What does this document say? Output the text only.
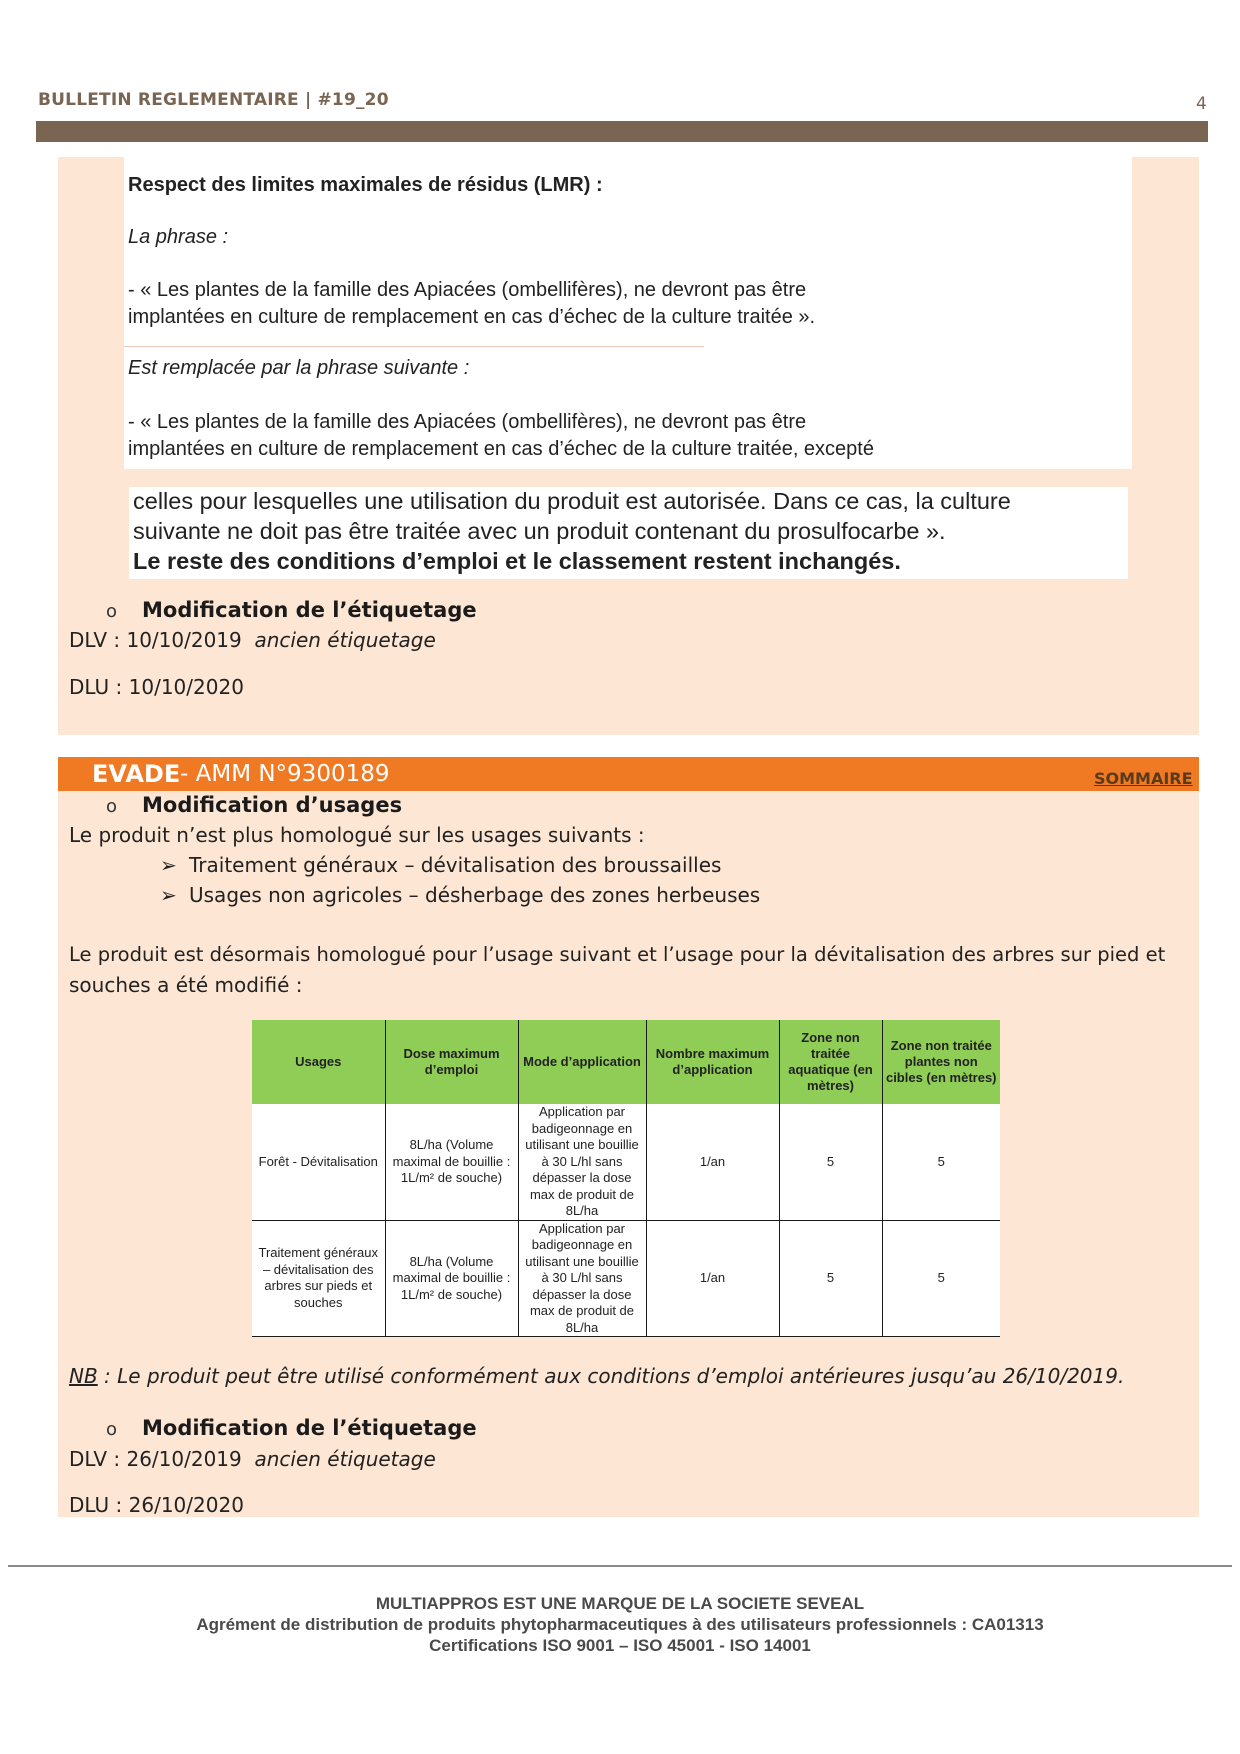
BULLETIN REGLEMENTAIRE | #19_20	4
Respect des limites maximales de résidus (LMR) :
La phrase :
- « Les plantes de la famille des Apiacées (ombellifères), ne devront pas être
implantées en culture de remplacement en cas d’échec de la culture traitée ».
Est remplacée par la phrase suivante :
- « Les plantes de la famille des Apiacées (ombellifères), ne devront pas être
implantées en culture de remplacement en cas d’échec de la culture traitée, excepté
celles pour lesquelles une utilisation du produit est autorisée. Dans ce cas, la culture
suivante ne doit pas être traitée avec un produit contenant du prosulfocarbe ».
Le reste des conditions d’emploi et le classement restent inchangés.
o Modification de l’étiquetage
DLV : 10/10/2019 ancien étiquetage
DLU : 10/10/2020
EVADE - AMM N°9300189	SOMMAIRE
o Modification d’usages
Le produit n’est plus homologué sur les usages suivants :
➢ Traitement généraux – dévitalisation des broussailles
➢ Usages non agricoles – désherbage des zones herbeuses
Le produit est désormais homologué pour l’usage suivant et l’usage pour la dévitalisation des arbres sur pied et
souches a été modifié :
Usages	Dose maximum d’emploi	Mode d’application	Nombre maximum d’application	Zone non traitée aquatique (en mètres)	Zone non traitée plantes non cibles (en mètres)
Forêt - Dévitalisation	8L/ha (Volume maximal de bouillie : 1L/m² de souche)	Application par badigeonnage en utilisant une bouillie à 30 L/hl sans dépasser la dose max de produit de 8L/ha	1/an	5	5
Traitement généraux – dévitalisation des arbres sur pieds et souches	8L/ha (Volume maximal de bouillie : 1L/m² de souche)	Application par badigeonnage en utilisant une bouillie à 30 L/hl sans dépasser la dose max de produit de 8L/ha	1/an	5	5
NB : Le produit peut être utilisé conformément aux conditions d’emploi antérieures jusqu’au 26/10/2019.
o Modification de l’étiquetage
DLV : 26/10/2019 ancien étiquetage
DLU : 26/10/2020
MULTIAPPROS EST UNE MARQUE DE LA SOCIETE SEVEAL
Agrément de distribution de produits phytopharmaceutiques à des utilisateurs professionnels : CA01313
Certifications ISO 9001 – ISO 45001 - ISO 14001
